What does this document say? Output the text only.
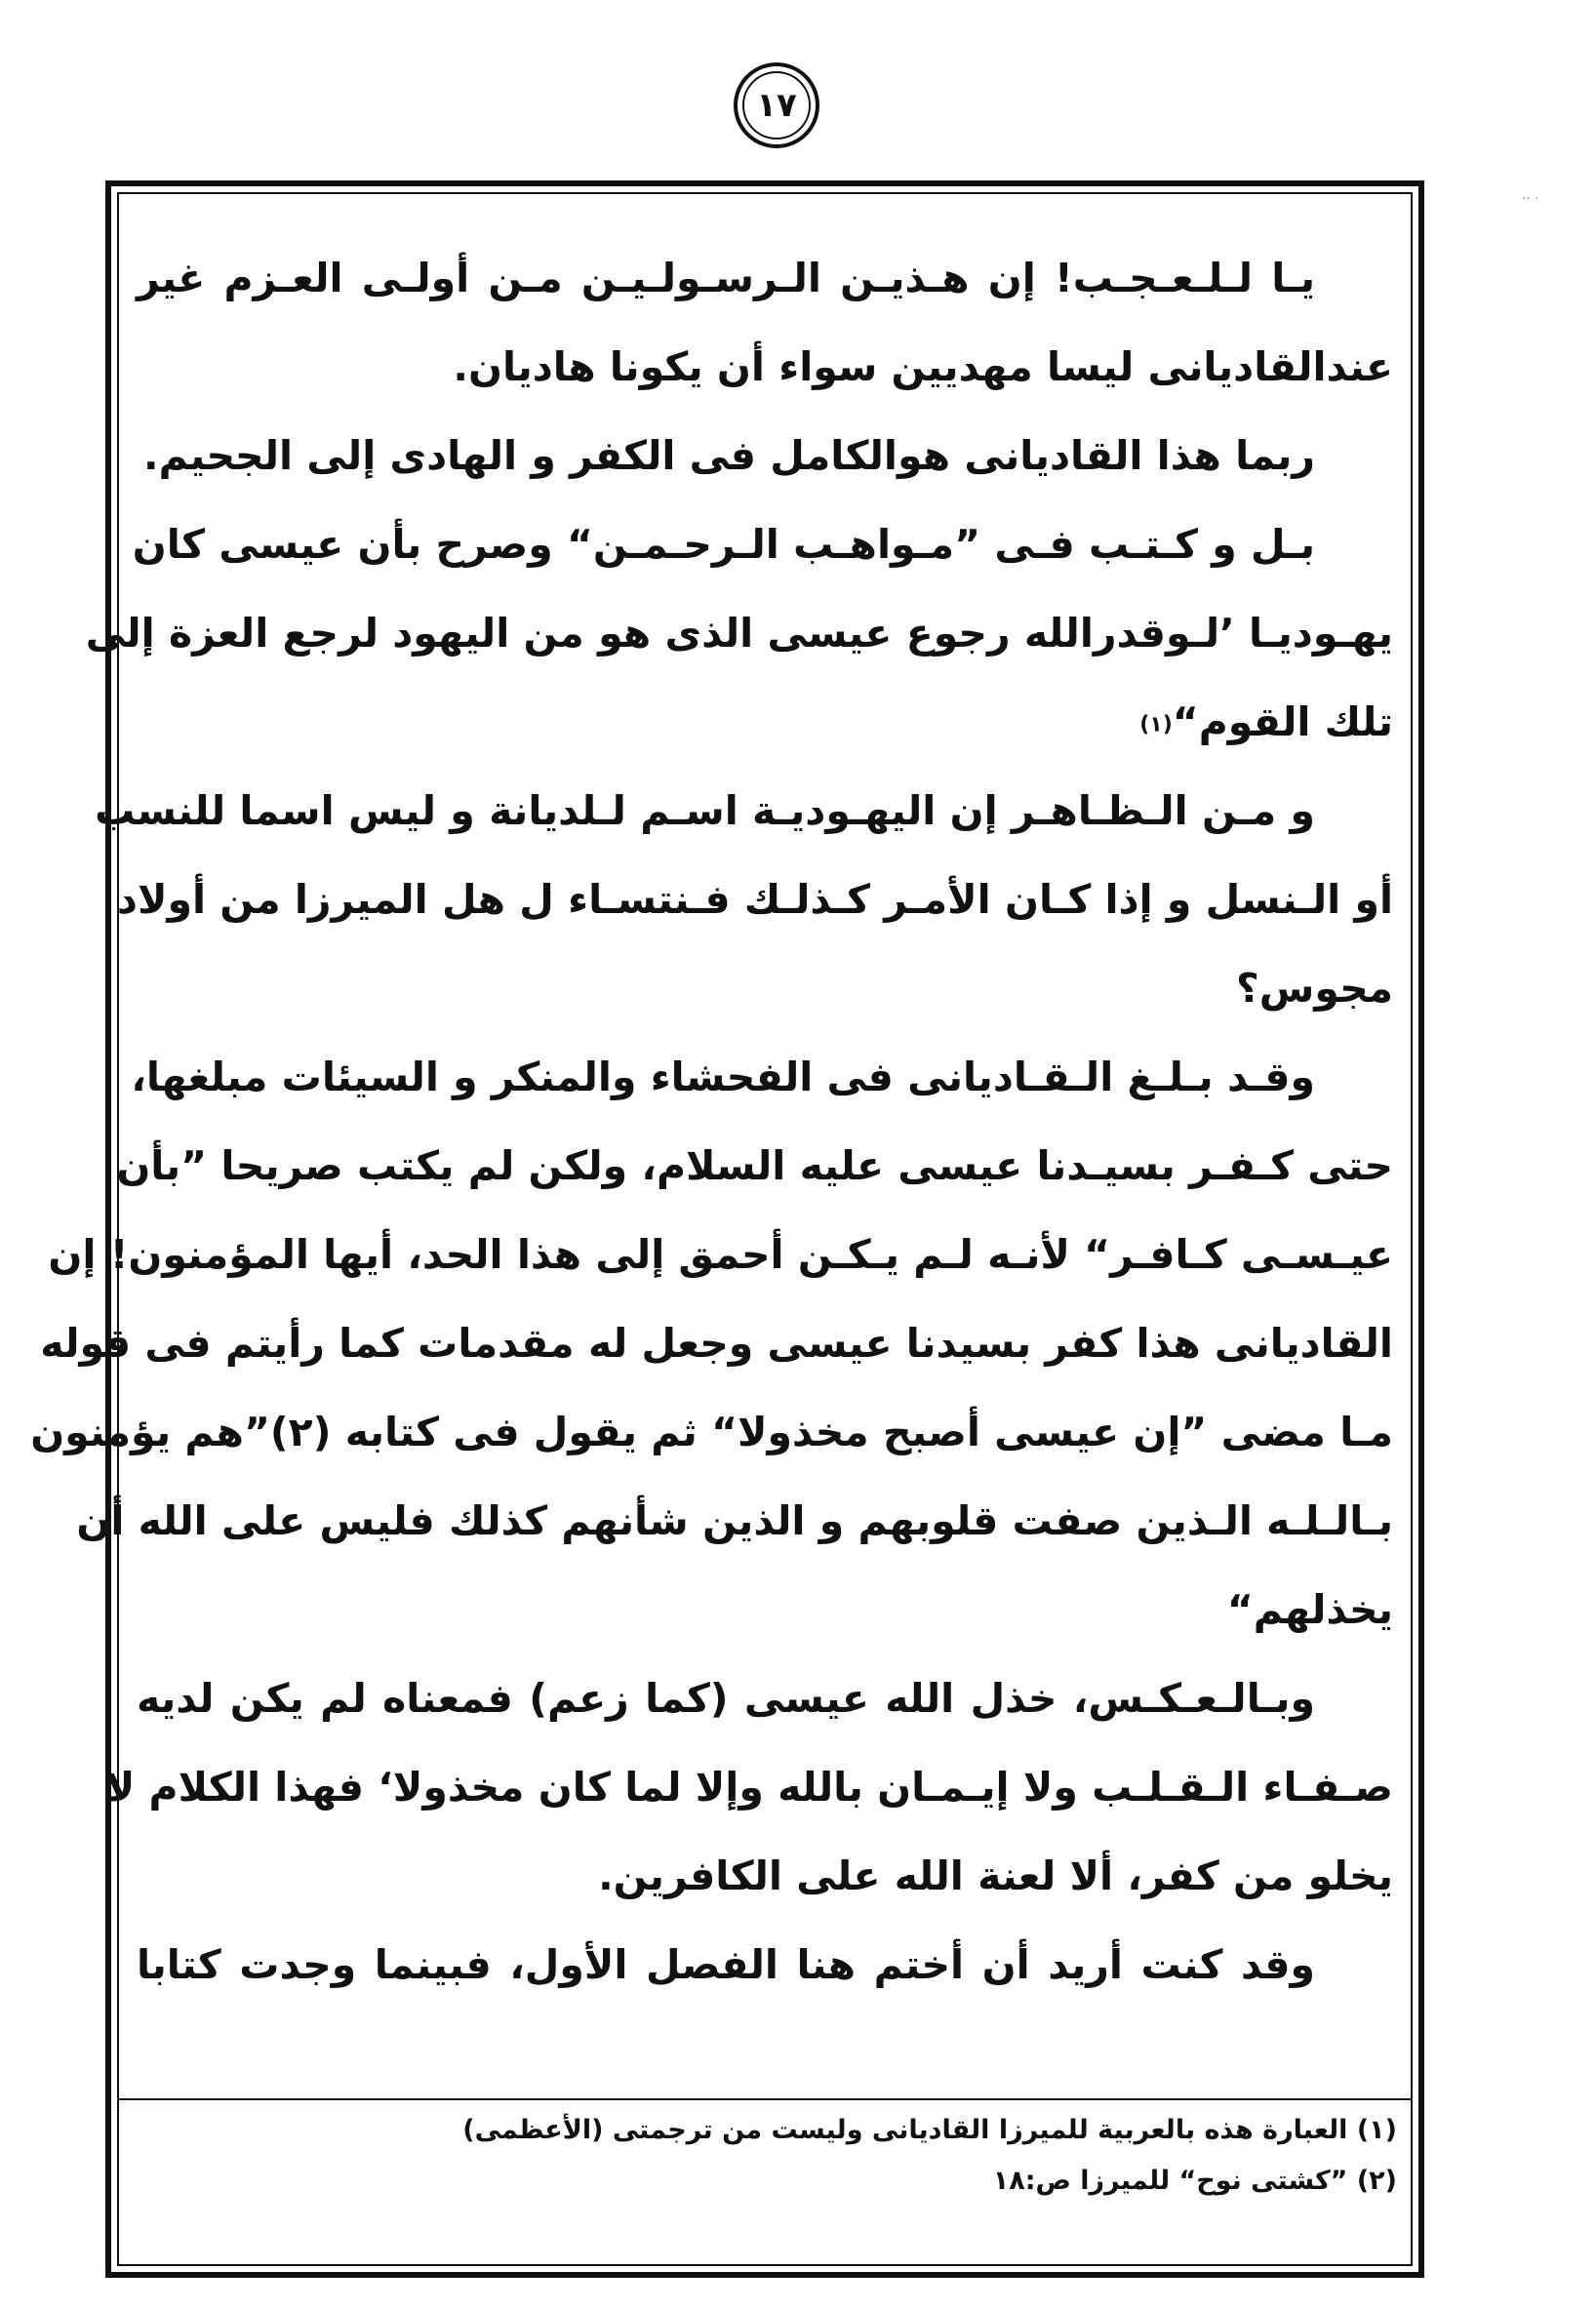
١٧
يـا لـلـعـجـب! إن هـذيـن الـرسـولـيـن مـن أولـى العـزم غير
عندالقاديانى ليسا مهديين سواء أن يكونا هاديان.
ربما هذا القاديانى هوالكامل فى الكفر و الهادى إلى الجحيم.
بـل و كـتـب فـى ”مـواهـب الـرحـمـن“ وصرح بأن عيسى كان
يهـوديـا ’لـوقدرالله رجوع عيسى الذى هو من اليهود لرجع العزة إلى
تلك القوم“(١)
و مـن الـظـاهـر إن اليهـوديـة اسـم لـلديانة و ليس اسما للنسب
أو الـنسل و إذا كـان الأمـر كـذلـك فـنتسـاء ل هل الميرزا من أولاد
مجوس؟
وقـد بـلـغ الـقـاديانى فى الفحشاء والمنكر و السيئات مبلغها،
حتى كـفـر بسيـدنا عيسى عليه السلام، ولكن لم يكتب صريحا ”بأن
عيـسـى كـافـر“ لأنـه لـم يـكـن أحمق إلى هذا الحد، أيها المؤمنون! إن
القاديانى هذا كفر بسيدنا عيسى وجعل له مقدمات كما رأيتم فى قوله
مـا مضى ”إن عيسى أصبح مخذولا“ ثم يقول فى كتابه (٢)”هم يؤمنون
بـالـلـه الـذين صفت قلوبهم و الذين شأنهم كذلك فليس على الله أن
يخذلهم“
وبـالـعـكـس، خذل الله عيسى (كما زعم) فمعناه لم يكن لديه
صـفـاء الـقـلـب ولا إيـمـان بالله وإلا لما كان مخذولا‘ فهذا الكلام لا
يخلو من كفر، ألا لعنة الله على الكافرين.
وقد كنت أريد أن أختم هنا الفصل الأول، فبينما وجدت كتابا
(١) العبارة هذه بالعربية للميرزا القاديانى وليست من ترجمتى (الأعظمى)
(٢) ”كشتى نوح“ للميرزا ص:١٨
·· ·
